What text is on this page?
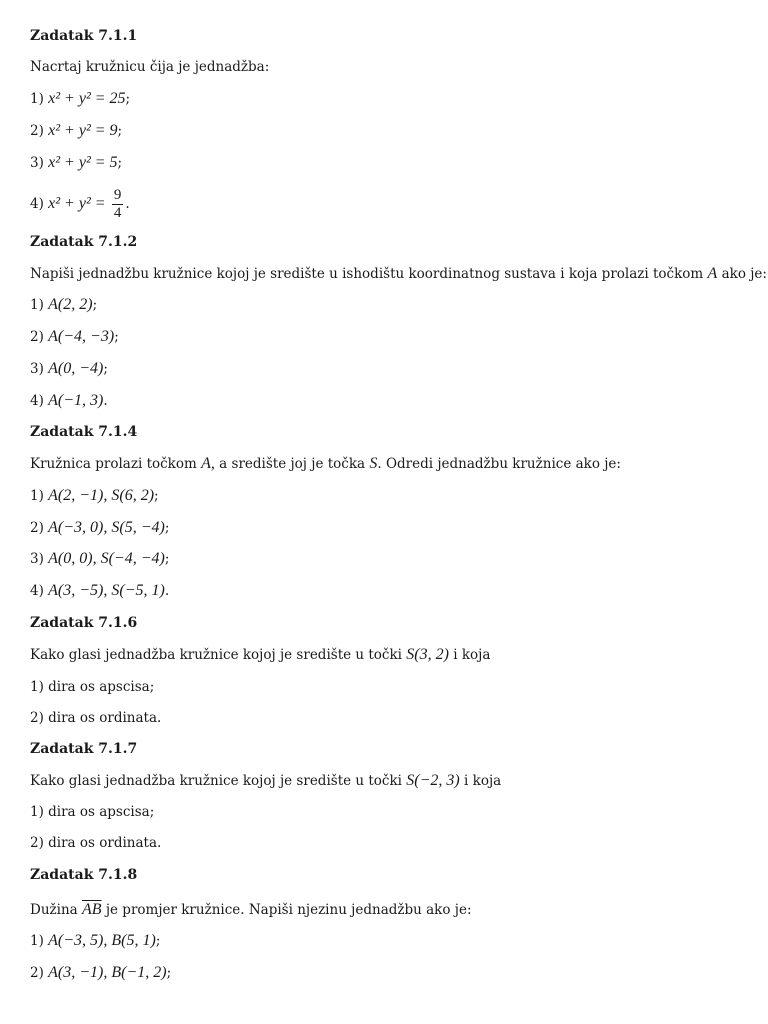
Zadatak 7.1.1
Nacrtaj kružnicu čija je jednadžba:
1) x² + y² = 25;
2) x² + y² = 9;
3) x² + y² = 5;
4) $x^2 + y^2 = \frac{9}{4}$ .
Zadatak 7.1.2
Napiši jednadžbu kružnice kojoj je središte u ishodištu koordinatnog sustava i koja prolazi točkom A ako je:
1) A(2, 2);
2) A(−4, −3);
3) A(0, −4);
4) A(−1, 3).
Zadatak 7.1.4
Kružnica prolazi točkom A, a središte joj je točka S. Odredi jednadžbu kružnice ako je:
1) A(2, −1), S(6, 2);
2) A(−3, 0), S(5, −4);
3) A(0, 0), S(−4, −4);
4) A(3, −5), S(−5, 1).
Zadatak 7.1.6
Kako glasi jednadžba kružnice kojoj je središte u točki S(3, 2) i koja
1) dira os apscisa;
2) dira os ordinata.
Zadatak 7.1.7
Kako glasi jednadžba kružnice kojoj je središte u točki S(−2, 3) i koja
1) dira os apscisa;
2) dira os ordinata.
Zadatak 7.1.8
Dužina $\overline{AB}$ je promjer kružnice. Napiši njezinu jednadžbu ako je:
1) A(−3, 5), B(5, 1);
2) A(3, −1), B(−1, 2);
